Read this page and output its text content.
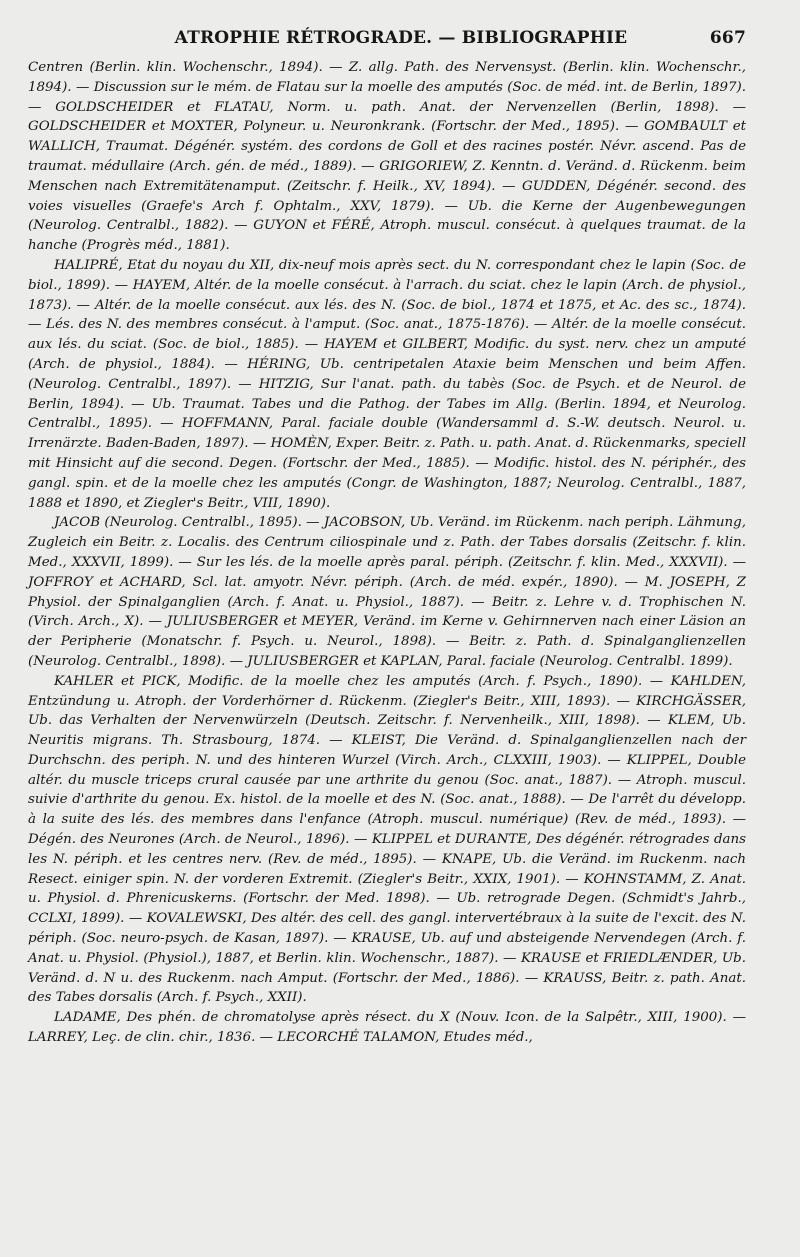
ATROPHIE RÉTROGRADE. — BIBLIOGRAPHIE	667

Centren (Berlin. klin. Wochenschr., 1894). — Z. allg. Path. des Nervensyst. (Berlin. klin. Wochenschr., 1894). — Discussion sur le mém. de Flatau sur la moelle des amputés (Soc. de méd. int. de Berlin, 1897). — GOLDSCHEIDER et FLATAU, Norm. u. path. Anat. der Nervenzellen (Berlin, 1898). — GOLDSCHEIDER et MOXTER, Polyneur. u. Neuronkrank. (Fortschr. der Med., 1895). — GOMBAULT et WALLICH, Traumat. Dégénér. systém. des cordons de Goll et des racines postér. Névr. ascend. Pas de traumat. médullaire (Arch. gén. de méd., 1889). — GRIGORIEW, Z. Kenntn. d. Veränd. d. Rückenm. beim Menschen nach Extremitätenamput. (Zeitschr. f. Heilk., XV, 1894). — GUDDEN, Dégénér. second. des voies visuelles (Graefe's Arch f. Ophtalm., XXV, 1879). — Ub. die Kerne der Augenbewegungen (Neurolog. Centralbl., 1882). — GUYON et FÉRÉ, Atroph. muscul. consécut. à quelques traumat. de la hanche (Progrès méd., 1881).

HALIPRÉ, Etat du noyau du XII, dix-neuf mois après sect. du N. correspondant chez le lapin (Soc. de biol., 1899). — HAYEM, Altér. de la moelle consécut. à l'arrach. du sciat. chez le lapin (Arch. de physiol., 1873). — Altér. de la moelle consécut. aux lés. des N. (Soc. de biol., 1874 et 1875, et Ac. des sc., 1874). — Lés. des N. des membres consécut. à l'amput. (Soc. anat., 1875-1876). — Altér. de la moelle consécut. aux lés. du sciat. (Soc. de biol., 1885). — HAYEM et GILBERT, Modific. du syst. nerv. chez un amputé (Arch. de physiol., 1884). — HÉRING, Ub. centripetalen Ataxie beim Menschen und beim Affen. (Neurolog. Centralbl., 1897). — HITZIG, Sur l'anat. path. du tabès (Soc. de Psych. et de Neurol. de Berlin, 1894). — Ub. Traumat. Tabes und die Pathog. der Tabes im Allg. (Berlin. 1894, et Neurolog. Centralbl., 1895). — HOFFMANN, Paral. faciale double (Wandersamml d. S.-W. deutsch. Neurol. u. Irrenärzte. Baden-Baden, 1897). — HOMÈN, Exper. Beitr. z. Path. u. path. Anat. d. Rückenmarks, speciell mit Hinsicht auf die second. Degen. (Fortschr. der Med., 1885). — Modific. histol. des N. périphér., des gangl. spin. et de la moelle chez les amputés (Congr. de Washington, 1887; Neurolog. Centralbl., 1887, 1888 et 1890, et Ziegler's Beitr., VIII, 1890).

JACOB (Neurolog. Centralbl., 1895). — JACOBSON, Ub. Veränd. im Rückenm. nach periph. Lähmung, Zugleich ein Beitr. z. Localis. des Centrum ciliospinale und z. Path. der Tabes dorsalis (Zeitschr. f. klin. Med., XXXVII, 1899). — Sur les lés. de la moelle après paral. périph. (Zeitschr. f. klin. Med., XXXVII). — JOFFROY et ACHARD, Scl. lat. amyotr. Névr. périph. (Arch. de méd. expér., 1890). — M. JOSEPH, Z Physiol. der Spinalganglien (Arch. f. Anat. u. Physiol., 1887). — Beitr. z. Lehre v. d. Trophischen N. (Virch. Arch., X). — JULIUSBERGER et MEYER, Veränd. im Kerne v. Gehirnnerven nach einer Läsion an der Peripherie (Monatschr. f. Psych. u. Neurol., 1898). — Beitr. z. Path. d. Spinalganglienzellen (Neurolog. Centralbl., 1898). — JULIUSBERGER et KAPLAN, Paral. faciale (Neurolog. Centralbl. 1899).

KAHLER et PICK, Modific. de la moelle chez les amputés (Arch. f. Psych., 1890). — KAHLDEN, Entzündung u. Atroph. der Vorderhörner d. Rückenm. (Ziegler's Beitr., XIII, 1893). — KIRCHGÄSSER, Ub. das Verhalten der Nervenwürzeln (Deutsch. Zeitschr. f. Nervenheilk., XIII, 1898). — KLEM, Ub. Neuritis migrans. Th. Strasbourg, 1874. — KLEIST, Die Veränd. d. Spinalganglienzellen nach der Durchschn. des periph. N. und des hinteren Wurzel (Virch. Arch., CLXXIII, 1903). — KLIPPEL, Double altér. du muscle triceps crural causée par une arthrite du genou (Soc. anat., 1887). — Atroph. muscul. suivie d'arthrite du genou. Ex. histol. de la moelle et des N. (Soc. anat., 1888). — De l'arrêt du développ. à la suite des lés. des membres dans l'enfance (Atroph. muscul. numérique) (Rev. de méd., 1893). — Dégén. des Neurones (Arch. de Neurol., 1896). — KLIPPEL et DURANTE, Des dégénér. rétrogrades dans les N. périph. et les centres nerv. (Rev. de méd., 1895). — KNAPE, Ub. die Veränd. im Ruckenm. nach Resect. einiger spin. N. der vorderen Extremit. (Ziegler's Beitr., XXIX, 1901). — KOHNSTAMM, Z. Anat. u. Physiol. d. Phrenicuskerns. (Fortschr. der Med. 1898). — Ub. retrograde Degen. (Schmidt's Jahrb., CCLXI, 1899). — KOVALEWSKI, Des altér. des cell. des gangl. intervertébraux à la suite de l'excit. des N. périph. (Soc. neuro-psych. de Kasan, 1897). — KRAUSE, Ub. auf und absteigende Nervendegen (Arch. f. Anat. u. Physiol. (Physiol.), 1887, et Berlin. klin. Wochenschr., 1887). — KRAUSE et FRIEDLÆNDER, Ub. Veränd. d. N u. des Ruckenm. nach Amput. (Fortschr. der Med., 1886). — KRAUSS, Beitr. z. path. Anat. des Tabes dorsalis (Arch. f. Psych., XXII).

LADAME, Des phén. de chromatolyse après résect. du X (Nouv. Icon. de la Salpêtr., XIII, 1900). — LARREY, Leç. de clin. chir., 1836. — LECORCHÉ TALAMON, Etudes méd.,
